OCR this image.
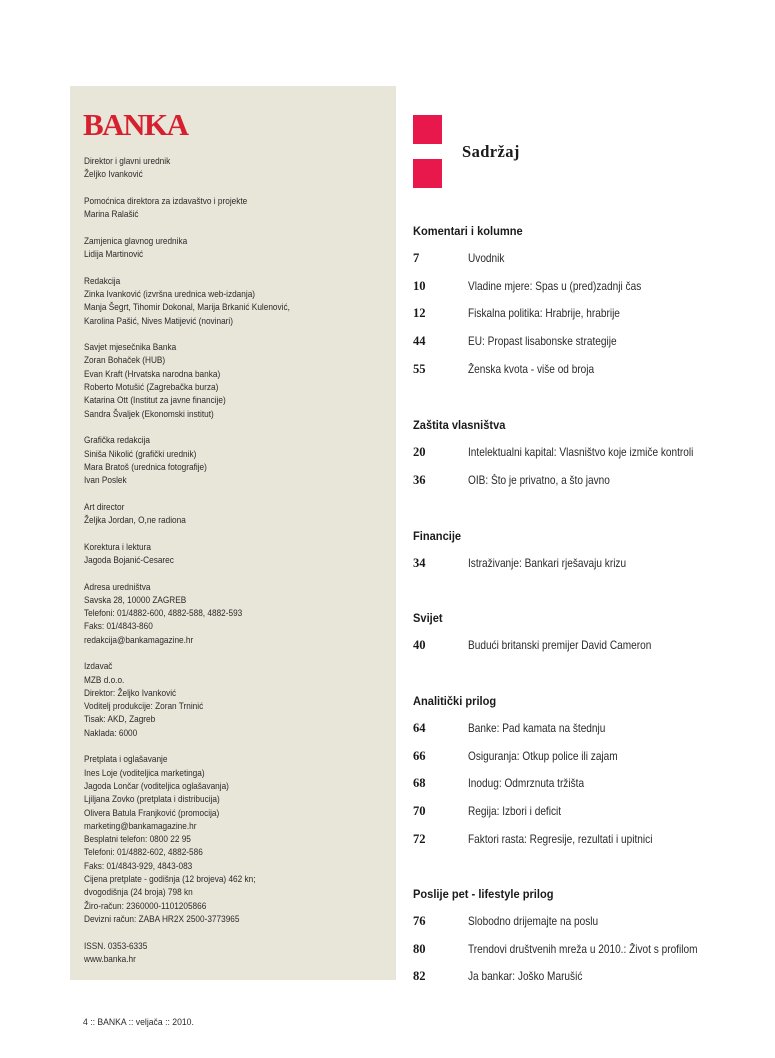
BANKA
Direktor i glavni urednik
Željko Ivanković
Pomoćnica direktora za izdavaštvo i projekte
Marina Ralašić
Zamjenica glavnog urednika
Lidija Martinović
Redakcija
Zinka Ivanković (izvršna urednica web-izdanja)
Manja Šegrt, Tihomir Dokonal, Marija Brkanić Kulenović,
Karolina Pašić, Nives Matijević (novinari)
Savjet mjesečnika Banka
Zoran Bohaček (HUB)
Evan Kraft (Hrvatska narodna banka)
Roberto Motušić (Zagrebačka burza)
Katarina Ott (Institut za javne financije)
Sandra Švaljek (Ekonomski institut)
Grafička redakcija
Siniša Nikolić (grafički urednik)
Mara Bratoš (urednica fotografije)
Ivan Poslek
Art director
Željka Jordan, O,ne radiona
Korektura i lektura
Jagoda Bojanić-Cesarec
Adresa uredništva
Savska 28, 10000 ZAGREB
Telefoni: 01/4882-600, 4882-588, 4882-593
Faks: 01/4843-860
redakcija@bankamagazine.hr
Izdavač
MZB d.o.o.
Direktor: Željko Ivanković
Voditelj produkcije: Zoran Trninić
Tisak: AKD, Zagreb
Naklada: 6000
Pretplata i oglašavanje
Ines Loje (voditeljica marketinga)
Jagoda Lončar (voditeljica oglašavanja)
Ljiljana Zovko (pretplata i distribucija)
Olivera Batula Franjković (promocija)
marketing@bankamagazine.hr
Besplatni telefon: 0800 22 95
Telefoni: 01/4882-602, 4882-586
Faks: 01/4843-929, 4843-083
Cijena pretplate - godišnja (12 brojeva) 462 kn;
dvogodišnja (24 broja) 798 kn
Žiro-račun: 2360000-1101205866
Devizni račun: ZABA HR2X 2500-3773965
ISSN. 0353-6335
www.banka.hr
Sadržaj
Komentari i kolumne
7	Uvodnik
10	Vladine mjere: Spas u (pred)zadnji čas
12	Fiskalna politika: Hrabrije, hrabrije
44	EU: Propast lisabonske strategije
55	Ženska kvota - više od broja
Zaštita vlasništva
20	Intelektualni kapital: Vlasništvo koje izmiče kontroli
36	OIB: Što je privatno, a što javno
Financije
34	Istraživanje: Bankari rješavaju krizu
Svijet
40	Budući britanski premijer David Cameron
Analitički prilog
64	Banke: Pad kamata na štednju
66	Osiguranja: Otkup police ili zajam
68	Inodug: Odmrznuta tržišta
70	Regija: Izbori i deficit
72	Faktori rasta: Regresije, rezultati i upitnici
Poslije pet - lifestyle prilog
76	Slobodno drijemajte na poslu
80	Trendovi društvenih mreža u 2010.: Život s profilom
82	Ja bankar: Joško Marušić
4 :: BANKA :: veljača :: 2010.
